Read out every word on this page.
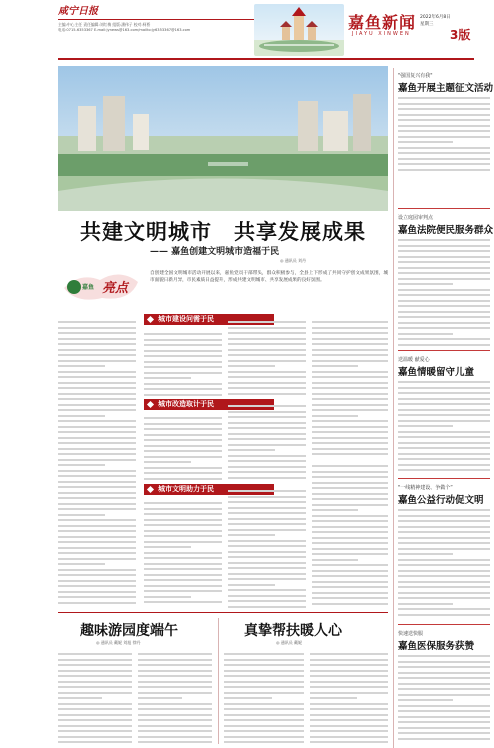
咸宁日报
主编:中心主任 责任编辑:刘红梅 组版:潘伟子 校对:柯桥
电话:0715-6353367 E-mail:jynews@163.com/mailto:jy6353367@163.com	嘉鱼新闻
JIAYU XINWEN
2022年6月8日
星期三
3版
共建文明城市　共享发展成果
—— 嘉鱼创建文明城市造福于民
◎ 通讯员 刘丹
嘉鱼 亮点
自创建全国文明城市活动开展以来，嘉鱼党员干部带头，群众积极参与，全县上下形成了共同守护创文成果氛围，城市面貌日新月异，市民素质日益提升，形成共建文明城市、共享发展成果的良好氛围。
城市建设问需于民
城市改造取计于民
城市文明助力于民
趣味游园度端午
◎ 通讯员 戴妮 刘旭 徐丹
真挚帮扶暖人心
◎ 通讯员 戴妮
"强国复兴有我"
嘉鱼开展主题征文活动
设立庭园审判点
嘉鱼法院便民服务群众
送温暖 献爱心
嘉鱼情暖留守儿童
"一线精神建设、争做个“
嘉鱼公益行动促文明
快速送快服
嘉鱼医保服务获赞
